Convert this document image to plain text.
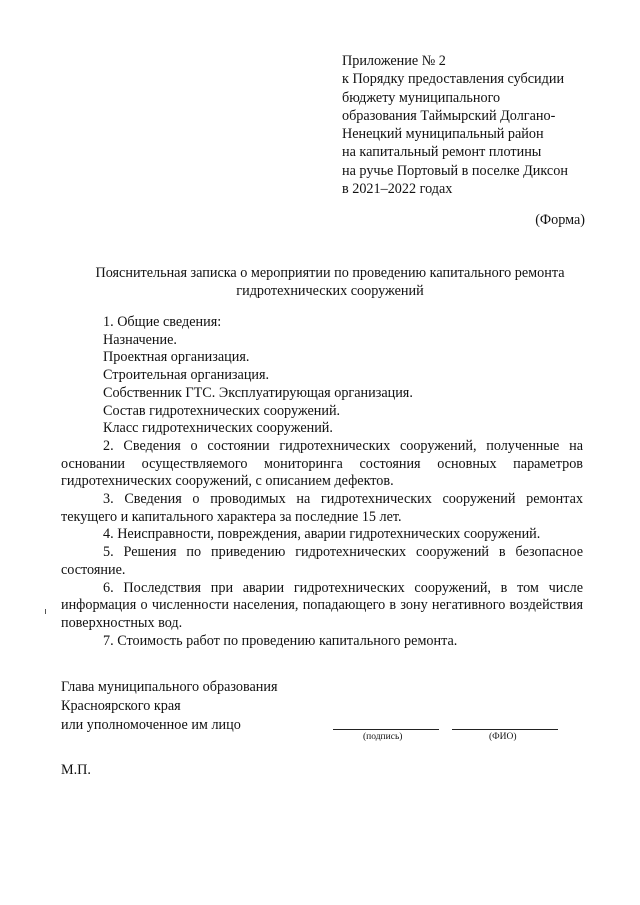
Приложение № 2
к Порядку предоставления субсидии
бюджету муниципального
образования Таймырский Долгано-
Ненецкий муниципальный район
на капитальный ремонт плотины
на ручье Портовый в поселке Диксон
в 2021–2022 годах
(Форма)
Пояснительная записка о мероприятии по проведению капитального ремонта
гидротехнических сооружений

1. Общие сведения:

Назначение.

Проектная организация.

Строительная организация.

Собственник ГТС. Эксплуатирующая организация.

Состав гидротехнических сооружений.

Класс гидротехнических сооружений.

2. Сведения о состоянии гидротехнических сооружений, полученные на основании осуществляемого мониторинга состояния основных параметров гидротехнических сооружений, с описанием дефектов.

3. Сведения о проводимых на гидротехнических сооружений ремонтах текущего и капитального характера за последние 15 лет.

4. Неисправности, повреждения, аварии гидротехнических сооружений.

5. Решения по приведению гидротехнических сооружений в безопасное состояние.

6. Последствия при аварии гидротехнических сооружений, в том числе информация о численности населения, попадающего в зону негативного воздействия поверхностных вод.

7. Стоимость работ по проведению капитального ремонта.

Глава муниципального образования
Красноярского края
или уполномоченное им лицо
(подпись)	(ФИО)
М.П.
